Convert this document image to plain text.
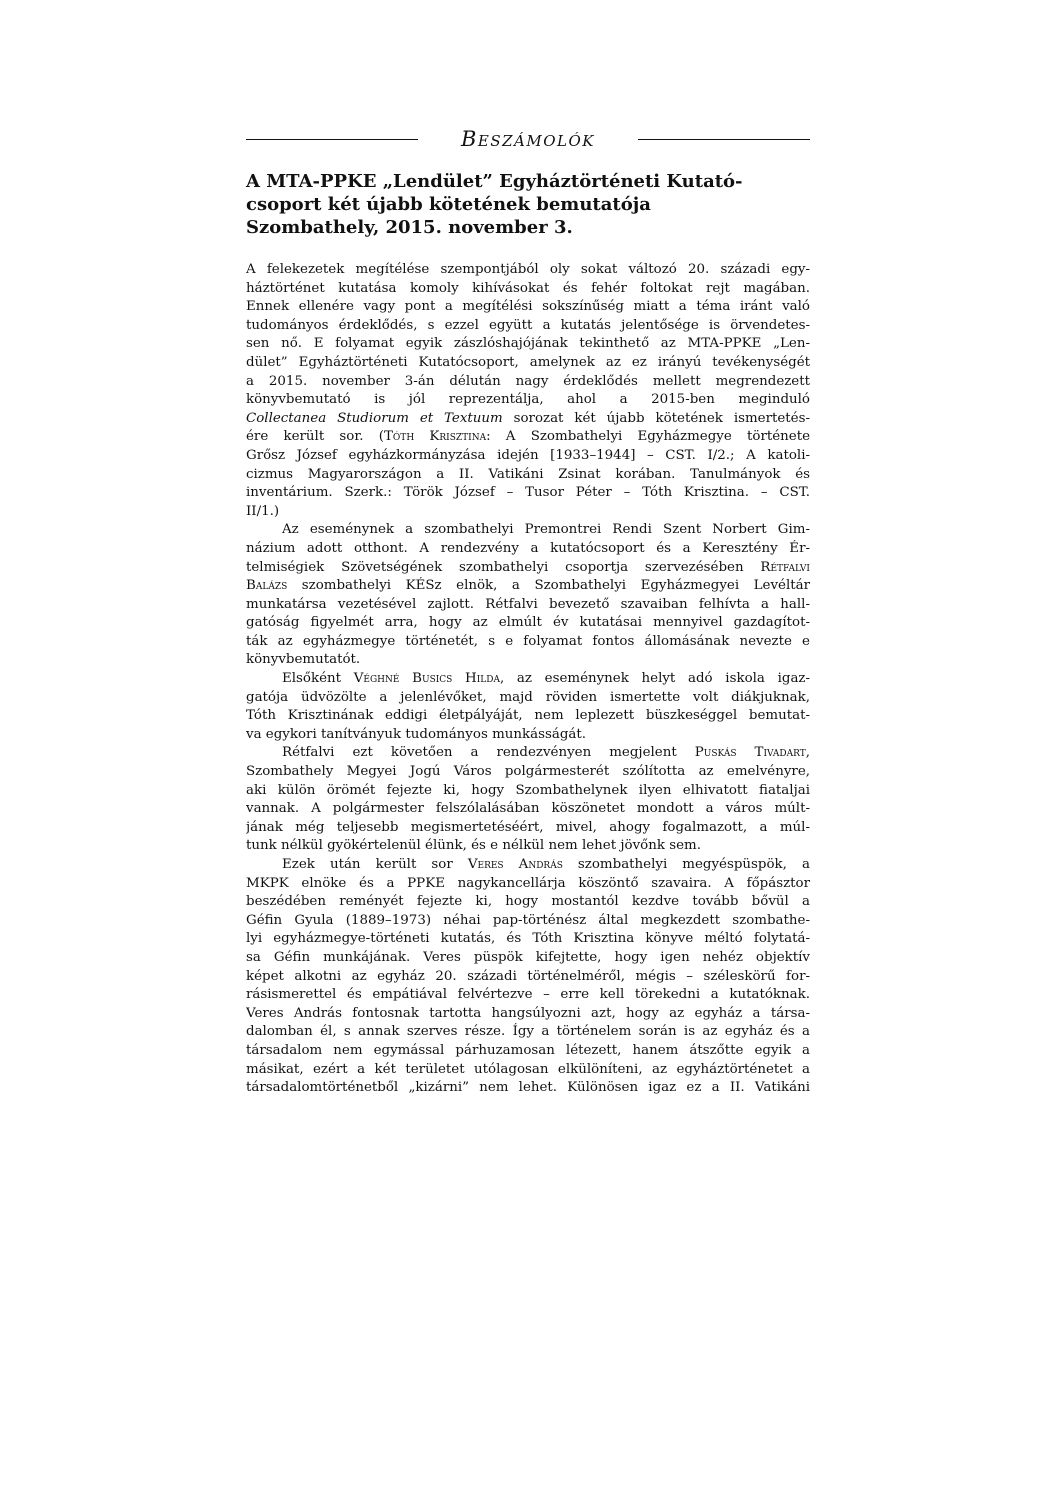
Beszámolók
A MTA-PPKE „Lendület” Egyháztörténeti Kutató-
csoport két újabb kötetének bemutatója
Szombathely, 2015. november 3.
A felekezetek megítélése szempontjából oly sokat változó 20. századi egy-
háztörténet kutatása komoly kihívásokat és fehér foltokat rejt magában.
Ennek ellenére vagy pont a megítélési sokszínűség miatt a téma iránt való
tudományos érdeklődés, s ezzel együtt a kutatás jelentősége is örvendetes-
sen nő. E folyamat egyik zászlóshajójának tekinthető az MTA-PPKE „Len-
dület” Egyháztörténeti Kutatócsoport, amelynek az ez irányú tevékenységét
a 2015. november 3-án délután nagy érdeklődés mellett megrendezett
könyvbemutató is jól reprezentálja, ahol a 2015-ben meginduló
Collectanea Studiorum et Textuum sorozat két újabb kötetének ismertetés-
ére került sor. (Tóth Krisztina: A Szombathelyi Egyházmegye története
Grősz József egyházkormányzása idején [1933–1944] – CST. I/2.; A katoli-
cizmus Magyarországon a II. Vatikáni Zsinat korában. Tanulmányok és
inventárium. Szerk.: Török József – Tusor Péter – Tóth Krisztina. – CST.
II/1.)
Az eseménynek a szombathelyi Premontrei Rendi Szent Norbert Gim-
názium adott otthont. A rendezvény a kutatócsoport és a Keresztény Ér-
telmiségiek Szövetségének szombathelyi csoportja szervezésében Rétfalvi
Balázs szombathelyi KÉSz elnök, a Szombathelyi Egyházmegyei Levéltár
munkatársa vezetésével zajlott. Rétfalvi bevezető szavaiban felhívta a hall-
gatóság figyelmét arra, hogy az elmúlt év kutatásai mennyivel gazdagítot-
ták az egyházmegye történetét, s e folyamat fontos állomásának nevezte e
könyvbemutatót.
Elsőként Véghné Busics Hilda, az eseménynek helyt adó iskola igaz-
gatója üdvözölte a jelenlévőket, majd röviden ismertette volt diákjuknak,
Tóth Krisztinának eddigi életpályáját, nem leplezett büszkeséggel bemutat-
va egykori tanítványuk tudományos munkásságát.
Rétfalvi ezt követően a rendezvényen megjelent Puskás Tivadart,
Szombathely Megyei Jogú Város polgármesterét szólította az emelvényre,
aki külön örömét fejezte ki, hogy Szombathelynek ilyen elhivatott fiataljai
vannak. A polgármester felszólalásában köszönetet mondott a város múlt-
jának még teljesebb megismertetéséért, mivel, ahogy fogalmazott, a múl-
tunk nélkül gyökértelenül élünk, és e nélkül nem lehet jövőnk sem.
Ezek után került sor Veres András szombathelyi megyéspüspök, a
MKPK elnöke és a PPKE nagykancellárja köszöntő szavaira. A főpásztor
beszédében reményét fejezte ki, hogy mostantól kezdve tovább bővül a
Géfin Gyula (1889–1973) néhai pap-történész által megkezdett szombathe-
lyi egyházmegye-történeti kutatás, és Tóth Krisztina könyve méltó folytatá-
sa Géfin munkájának. Veres püspök kifejtette, hogy igen nehéz objektív
képet alkotni az egyház 20. századi történelméről, mégis – széleskörű for-
rásismerettel és empátiával felvértezve – erre kell törekedni a kutatóknak.
Veres András fontosnak tartotta hangsúlyozni azt, hogy az egyház a társa-
dalomban él, s annak szerves része. Így a történelem során is az egyház és a
társadalom nem egymással párhuzamosan létezett, hanem átszőtte egyik a
másikat, ezért a két területet utólagosan elkülöníteni, az egyháztörténetet a
társadalomtörténetből „kizárni” nem lehet. Különösen igaz ez a II. Vatikáni
